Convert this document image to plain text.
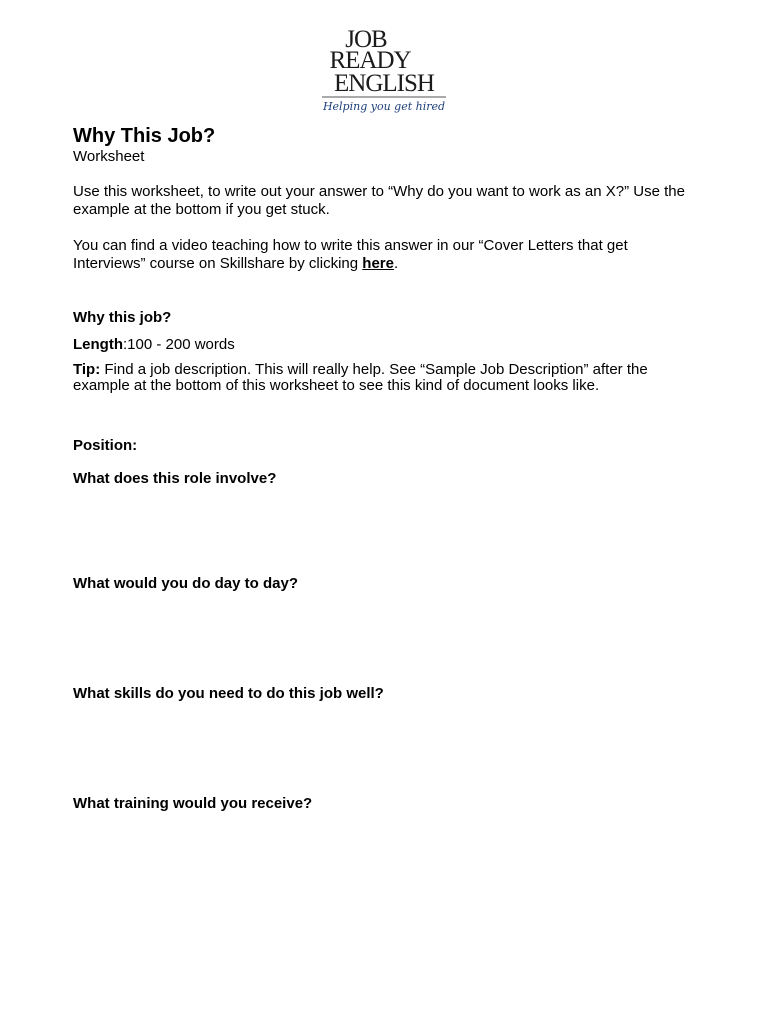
JOB
READY
ENGLISH
Helping you get hired
Why This Job?

Worksheet

Use this worksheet, to write out your answer to “Why do you want to work as an X?” Use the example at the bottom if you get stuck.

You can find a video teaching how to write this answer in our “Cover Letters that get Interviews” course on Skillshare by clicking here.

Why this job?

Length:100 - 200 words

Tip: Find a job description. This will really help. See “Sample Job Description” after the example at the bottom of this worksheet to see this kind of document looks like.

Position:

What does this role involve?

What would you do day to day?

What skills do you need to do this job well?

What training would you receive?
